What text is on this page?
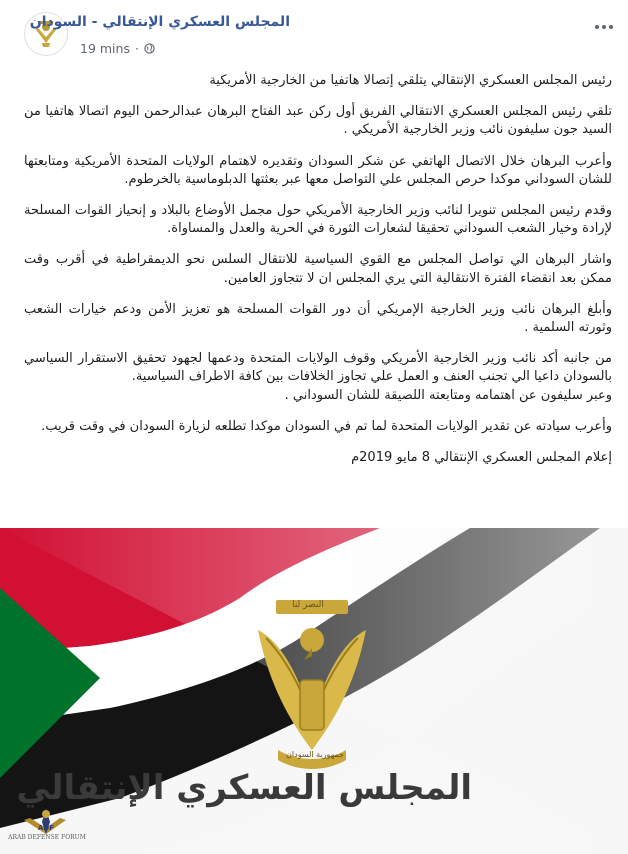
المجلس العسكري الإنتقالي - السودان
19 mins ·

رئيس المجلس العسكري الإنتقالي يتلقي إتصالا هاتفيا من الخارجية الأمريكية

تلقي رئيس المجلس العسكري الانتقالي الفريق أول ركن عبد الفتاح البرهان عبدالرحمن اليوم اتصالا هاتفيا من السيد جون سليفون نائب وزير الخارجية الأمريكي .

وأعرب البرهان خلال الاتصال الهاتفي عن شكر السودان وتقديره لاهتمام الولايات المتحدة الأمريكية ومتابعتها للشان السوداني موكدا حرص المجلس علي التواصل معها عبر بعثتها الدبلوماسية بالخرطوم.

وقدم رئيس المجلس تنويرا لنائب وزير الخارجية الأمريكي حول مجمل الأوضاع بالبلاد و إنحياز القوات المسلحة لإرادة وخيار الشعب السوداني تحقيقا لشعارات الثورة في الحرية والعدل والمساواة.

واشار البرهان الي تواصل المجلس مع القوي السياسية للانتقال السلس نحو الديمقراطية في أقرب وقت ممكن بعد انقضاء الفترة الانتقالية التي يري المجلس ان لا تتجاوز العامين.

وأبلغ البرهان نائب وزير الخارجية الإمريكي أن دور القوات المسلحة هو تعزيز الأمن ودعم خيارات الشعب وثورته السلمية .

من جانبه أكد نائب وزير الخارجية الأمريكي وقوف الولايات المتحدة ودعمها لجهود تحقيق الاستقرار السياسي بالسودان داعيا الي تجنب العنف و العمل علي تجاوز الخلافات بين كافة الاطراف السياسية.

وعبر سليفون عن اهتمامه ومتابعته اللصيقة للشان السوداني .

وأعرب سيادته عن تقدير الولايات المتحدة لما تم في السودان موكدا تطلعه لزيارة السودان في وقت قريب.

إعلام المجلس العسكري الإنتقالي 8 مايو 2019م

المجلس العسكري الإنتقالي
النصر لنا
جمهورية السودان
ADF
ARAB DEFENSE FORUM
